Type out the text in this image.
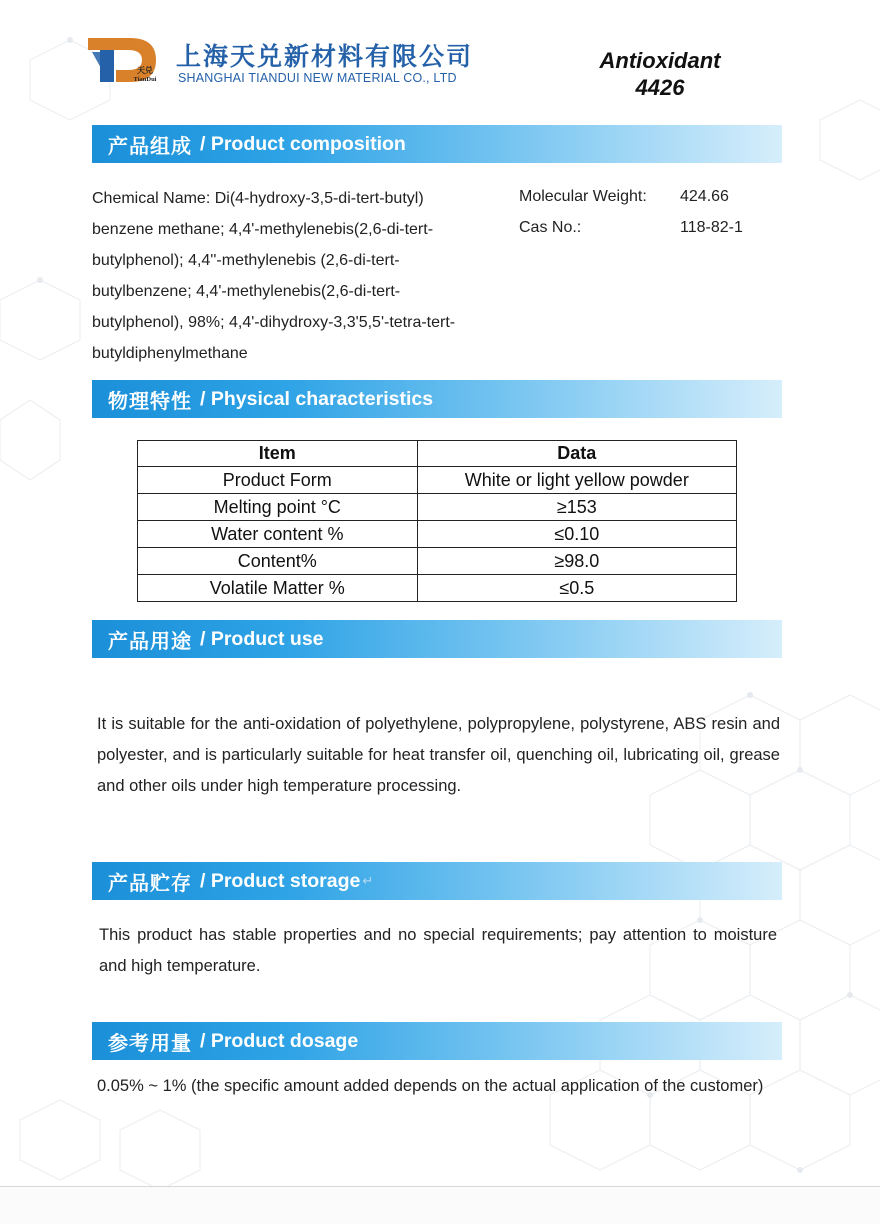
天兑
TianDui
上海天兑新材料有限公司
SHANGHAI TIANDUI NEW MATERIAL CO., LTD
Antioxidant
4426
产品组成 / Product composition
Chemical Name: Di(4-hydroxy-3,5-di-tert-butyl) benzene methane; 4,4'-methylenebis(2,6-di-tert-butylphenol); 4,4''-methylenebis (2,6-di-tert-butylbenzene; 4,4'-methylenebis(2,6-di-tert-butylphenol), 98%; 4,4'-dihydroxy-3,3'5,5'-tetra-tert-butyldiphenylmethane
Molecular Weight: 424.66
Cas No.:	118-82-1
物理特性 / Physical characteristics
Item	Data
Product Form	White or light yellow powder
Melting point °C	≥153
Water content %	≤0.10
Content%	≥98.0
Volatile Matter %	≤0.5
产品用途 / Product use
It is suitable for the anti-oxidation of polyethylene, polypropylene, polystyrene, ABS resin and polyester, and is particularly suitable for heat transfer oil, quenching oil, lubricating oil, grease and other oils under high temperature processing.
产品贮存 / Product storage ↵
This product has stable properties and no special requirements; pay attention to moisture and high temperature.
参考用量 / Product dosage
0.05% ~ 1% (the specific amount added depends on the actual application of the customer)
